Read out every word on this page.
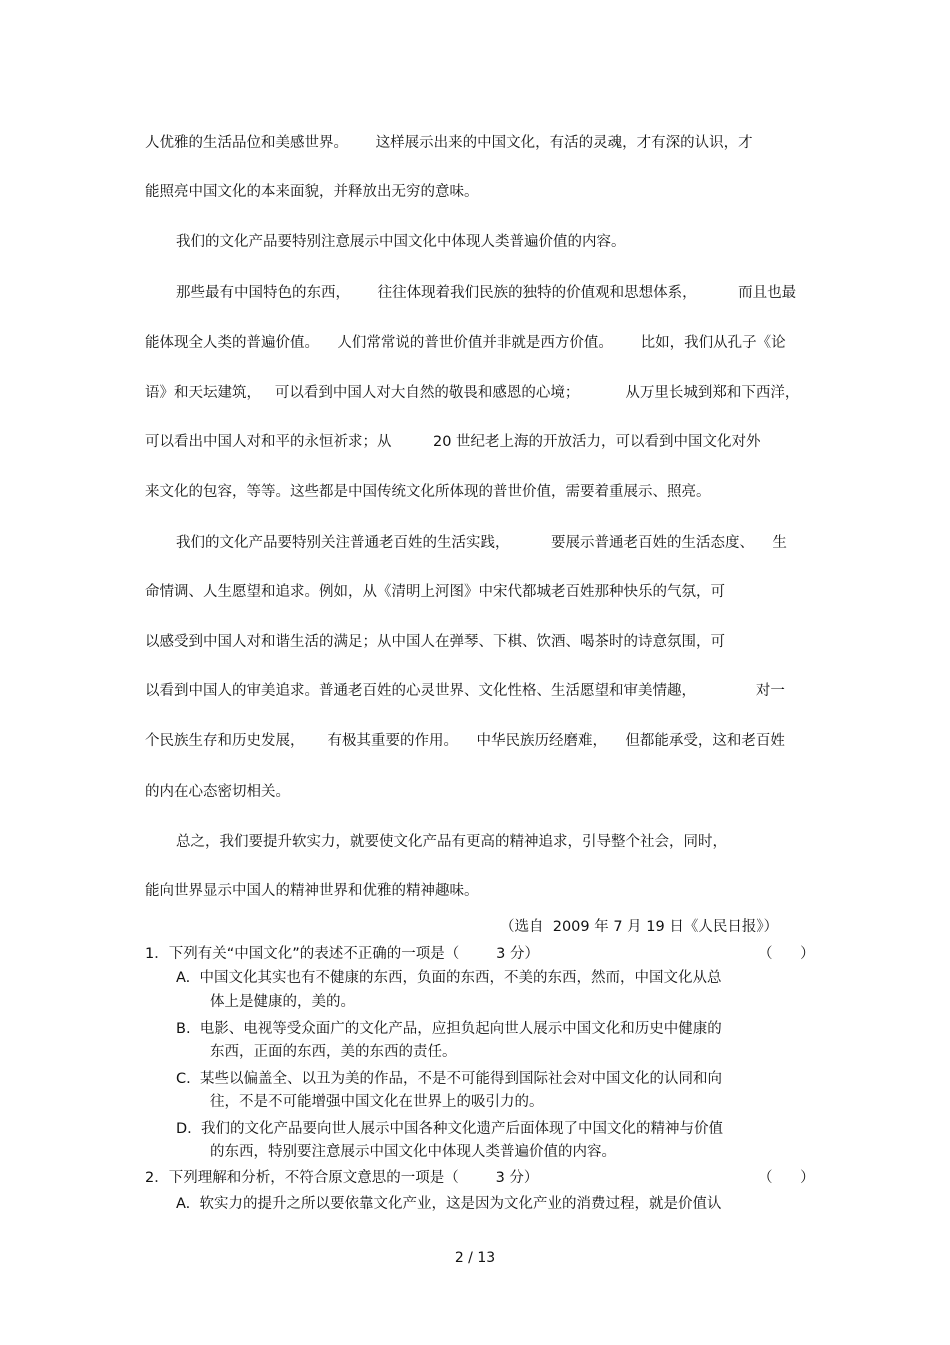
人优雅的生活品位和美感世界。      这样展示出来的中国文化，有活的灵魂，才有深的认识，才

能照亮中国文化的本来面貌，并释放出无穷的意味。

我们的文化产品要特别注意展示中国文化中体现人类普遍价值的内容。

那些最有中国特色的东西，      往往体现着我们民族的独特的价值观和思想体系，         而且也最

能体现全人类的普遍价值。    人们常常说的普世价值并非就是西方价值。      比如，我们从孔子《论

语》和天坛建筑，   可以看到中国人对大自然的敬畏和感恩的心境；          从万里长城到郑和下西洋，

可以看出中国人对和平的永恒祈求；从         20 世纪老上海的开放活力，可以看到中国文化对外

来文化的包容，等等。这些都是中国传统文化所体现的普世价值，需要着重展示、照亮。

我们的文化产品要特别关注普通老百姓的生活实践，         要展示普通老百姓的生活态度、    生

命情调、人生愿望和追求。例如，从《清明上河图》中宋代都城老百姓那种快乐的气氛，可

以感受到中国人对和谐生活的满足；从中国人在弹琴、下棋、饮酒、喝茶时的诗意氛围，可

以看到中国人的审美追求。普通老百姓的心灵世界、文化性格、生活愿望和审美情趣，             对一

个民族生存和历史发展，     有极其重要的作用。    中华民族历经磨难，    但都能承受，这和老百姓

的内在心态密切相关。

总之，我们要提升软实力，就要使文化产品有更高的精神追求，引导整个社会，同时，

能向世界显示中国人的精神世界和优雅的精神趣味。

（选自  2009 年 7 月 19 日《人民日报》）
1．下列有关“中国文化”的表述不正确的一项是（        3 分）	（      ）
A.  中国文化其实也有不健康的东西，负面的东西，不美的东西，然而，中国文化从总
体上是健康的，美的。
B.  电影、电视等受众面广的文化产品，应担负起向世人展示中国文化和历史中健康的
东西，正面的东西，美的东西的责任。
C.  某些以偏盖全、以丑为美的作品，不是不可能得到国际社会对中国文化的认同和向
往，不是不可能增强中国文化在世界上的吸引力的。
D.  我们的文化产品要向世人展示中国各种文化遗产后面体现了中国文化的精神与价值
的东西，特别要注意展示中国文化中体现人类普遍价值的内容。
2．下列理解和分析，不符合原文意思的一项是（        3 分）	（      ）
A.  软实力的提升之所以要依靠文化产业，这是因为文化产业的消费过程，就是价值认
2 / 13
